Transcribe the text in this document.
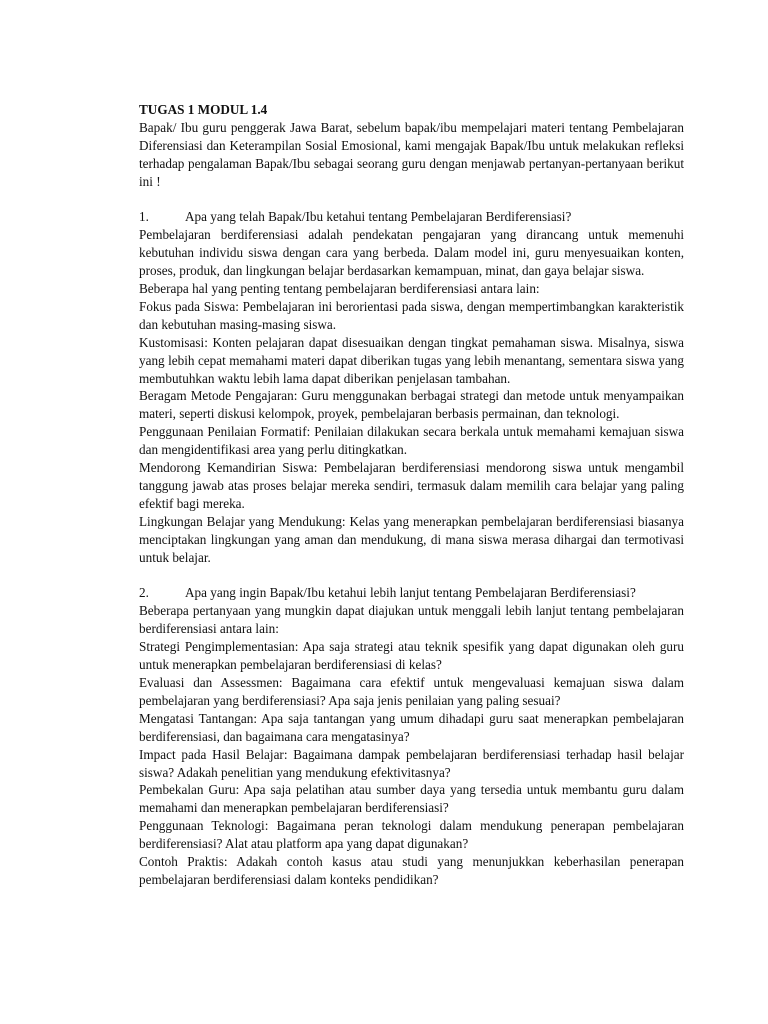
TUGAS 1 MODUL 1.4

Bapak/ Ibu guru penggerak Jawa Barat, sebelum bapak/ibu mempelajari materi tentang Pembelajaran Diferensiasi dan Keterampilan Sosial Emosional, kami mengajak Bapak/Ibu untuk melakukan refleksi terhadap pengalaman Bapak/Ibu sebagai seorang guru dengan menjawab pertanyan-pertanyaan berikut ini !

1.	Apa yang telah Bapak/Ibu ketahui tentang Pembelajaran Berdiferensiasi?

Pembelajaran berdiferensiasi adalah pendekatan pengajaran yang dirancang untuk memenuhi kebutuhan individu siswa dengan cara yang berbeda. Dalam model ini, guru menyesuaikan konten, proses, produk, dan lingkungan belajar berdasarkan kemampuan, minat, dan gaya belajar siswa.

Beberapa hal yang penting tentang pembelajaran berdiferensiasi antara lain:

Fokus pada Siswa: Pembelajaran ini berorientasi pada siswa, dengan mempertimbangkan karakteristik dan kebutuhan masing-masing siswa.

Kustomisasi: Konten pelajaran dapat disesuaikan dengan tingkat pemahaman siswa. Misalnya, siswa yang lebih cepat memahami materi dapat diberikan tugas yang lebih menantang, sementara siswa yang membutuhkan waktu lebih lama dapat diberikan penjelasan tambahan.

Beragam Metode Pengajaran: Guru menggunakan berbagai strategi dan metode untuk menyampaikan materi, seperti diskusi kelompok, proyek, pembelajaran berbasis permainan, dan teknologi.

Penggunaan Penilaian Formatif: Penilaian dilakukan secara berkala untuk memahami kemajuan siswa dan mengidentifikasi area yang perlu ditingkatkan.

Mendorong Kemandirian Siswa: Pembelajaran berdiferensiasi mendorong siswa untuk mengambil tanggung jawab atas proses belajar mereka sendiri, termasuk dalam memilih cara belajar yang paling efektif bagi mereka.

Lingkungan Belajar yang Mendukung: Kelas yang menerapkan pembelajaran berdiferensiasi biasanya menciptakan lingkungan yang aman dan mendukung, di mana siswa merasa dihargai dan termotivasi untuk belajar.

2.	Apa yang ingin Bapak/Ibu ketahui lebih lanjut tentang Pembelajaran Berdiferensiasi?

Beberapa pertanyaan yang mungkin dapat diajukan untuk menggali lebih lanjut tentang pembelajaran berdiferensiasi antara lain:

Strategi Pengimplementasian: Apa saja strategi atau teknik spesifik yang dapat digunakan oleh guru untuk menerapkan pembelajaran berdiferensiasi di kelas?

Evaluasi dan Assessmen: Bagaimana cara efektif untuk mengevaluasi kemajuan siswa dalam pembelajaran yang berdiferensiasi? Apa saja jenis penilaian yang paling sesuai?

Mengatasi Tantangan: Apa saja tantangan yang umum dihadapi guru saat menerapkan pembelajaran berdiferensiasi, dan bagaimana cara mengatasinya?

Impact pada Hasil Belajar: Bagaimana dampak pembelajaran berdiferensiasi terhadap hasil belajar siswa? Adakah penelitian yang mendukung efektivitasnya?

Pembekalan Guru: Apa saja pelatihan atau sumber daya yang tersedia untuk membantu guru dalam memahami dan menerapkan pembelajaran berdiferensiasi?

Penggunaan Teknologi: Bagaimana peran teknologi dalam mendukung penerapan pembelajaran berdiferensiasi? Alat atau platform apa yang dapat digunakan?

Contoh Praktis: Adakah contoh kasus atau studi yang menunjukkan keberhasilan penerapan pembelajaran berdiferensiasi dalam konteks pendidikan?
